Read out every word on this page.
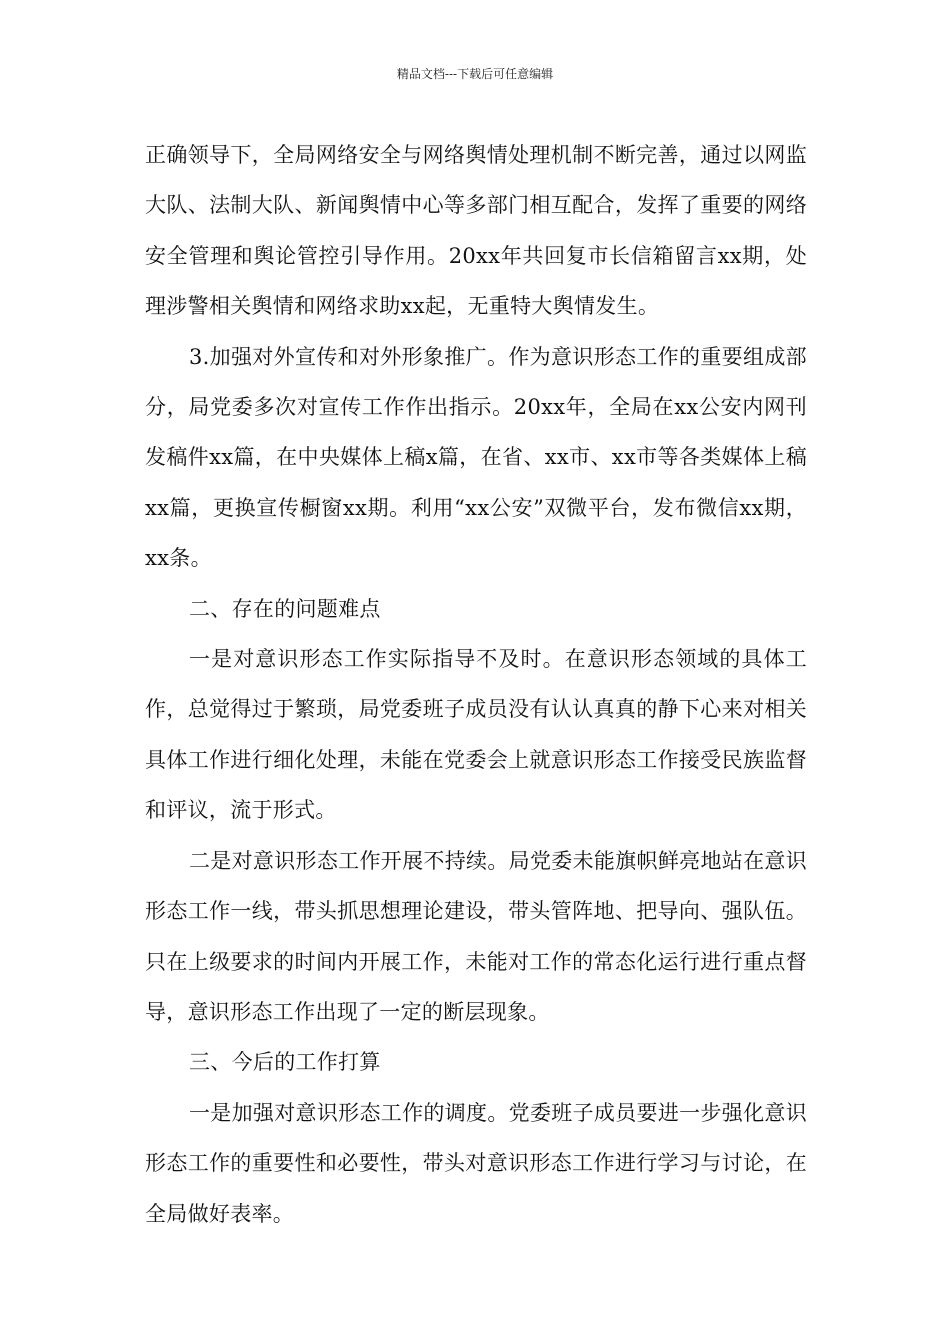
精品文档---下载后可任意编辑

正确领导下，全局网络安全与网络舆情处理机制不断完善，通过以网监大队、法制大队、新闻舆情中心等多部门相互配合，发挥了重要的网络安全管理和舆论管控引导作用。20xx年共回复市长信箱留言xx期，处理涉警相关舆情和网络求助xx起，无重特大舆情发生。

3.加强对外宣传和对外形象推广。作为意识形态工作的重要组成部分，局党委多次对宣传工作作出指示。20xx年，全局在xx公安内网刊发稿件xx篇，在中央媒体上稿x篇，在省、xx市、xx市等各类媒体上稿xx篇，更换宣传橱窗xx期。利用“xx公安”双微平台，发布微信xx期，xx条。

二、存在的问题难点

一是对意识形态工作实际指导不及时。在意识形态领域的具体工作，总觉得过于繁琐，局党委班子成员没有认认真真的静下心来对相关具体工作进行细化处理，未能在党委会上就意识形态工作接受民族监督和评议，流于形式。

二是对意识形态工作开展不持续。局党委未能旗帜鲜亮地站在意识形态工作一线，带头抓思想理论建设，带头管阵地、把导向、强队伍。只在上级要求的时间内开展工作，未能对工作的常态化运行进行重点督导，意识形态工作出现了一定的断层现象。

三、今后的工作打算

一是加强对意识形态工作的调度。党委班子成员要进一步强化意识形态工作的重要性和必要性，带头对意识形态工作进行学习与讨论，在全局做好表率。
